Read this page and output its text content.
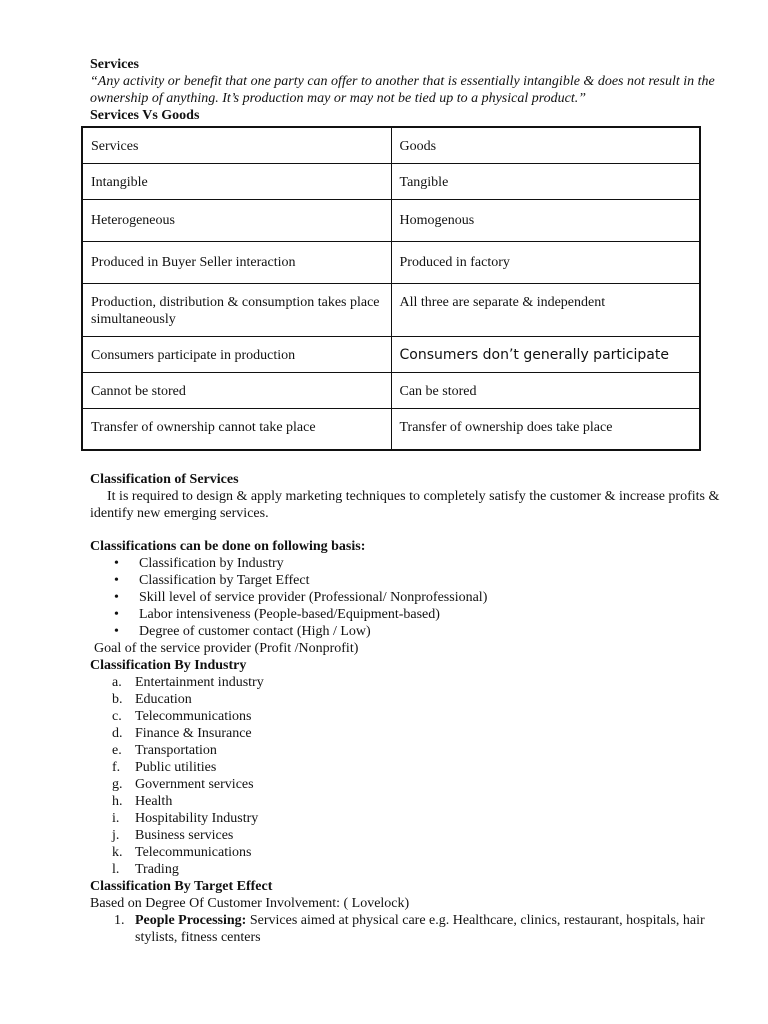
Services

“Any activity or benefit that one party can offer to another that is essentially intangible & does not result in the ownership of anything. It’s production may or may not be tied up to a physical product.”

Services Vs Goods

Services	Goods
Intangible	Tangible
Heterogeneous	Homogenous
Produced in Buyer Seller interaction	Produced in factory
Production, distribution & consumption takes place simultaneously	All three are separate & independent
Consumers participate in production	Consumers don’t generally participate
Cannot be stored	Can be stored
Transfer of ownership cannot take place	Transfer of ownership does take place

Classification of Services

It is required to design & apply marketing techniques to completely satisfy the customer & increase profits & identify new emerging services.

Classifications can be done on following basis:

• Classification by Industry
• Classification by Target Effect
• Skill level of service provider (Professional/ Nonprofessional)
• Labor intensiveness (People-based/Equipment-based)
• Degree of customer contact (High / Low)

Goal of the service provider (Profit /Nonprofit)

Classification By Industry

a. Entertainment industry
b. Education
c. Telecommunications
d. Finance & Insurance
e. Transportation
f. Public utilities
g. Government services
h. Health
i. Hospitability Industry
j. Business services
k. Telecommunications
l. Trading

Classification By Target Effect

Based on Degree Of Customer Involvement: ( Lovelock)

1. People Processing: Services aimed at physical care e.g. Healthcare, clinics, restaurant, hospitals, hair stylists, fitness centers
